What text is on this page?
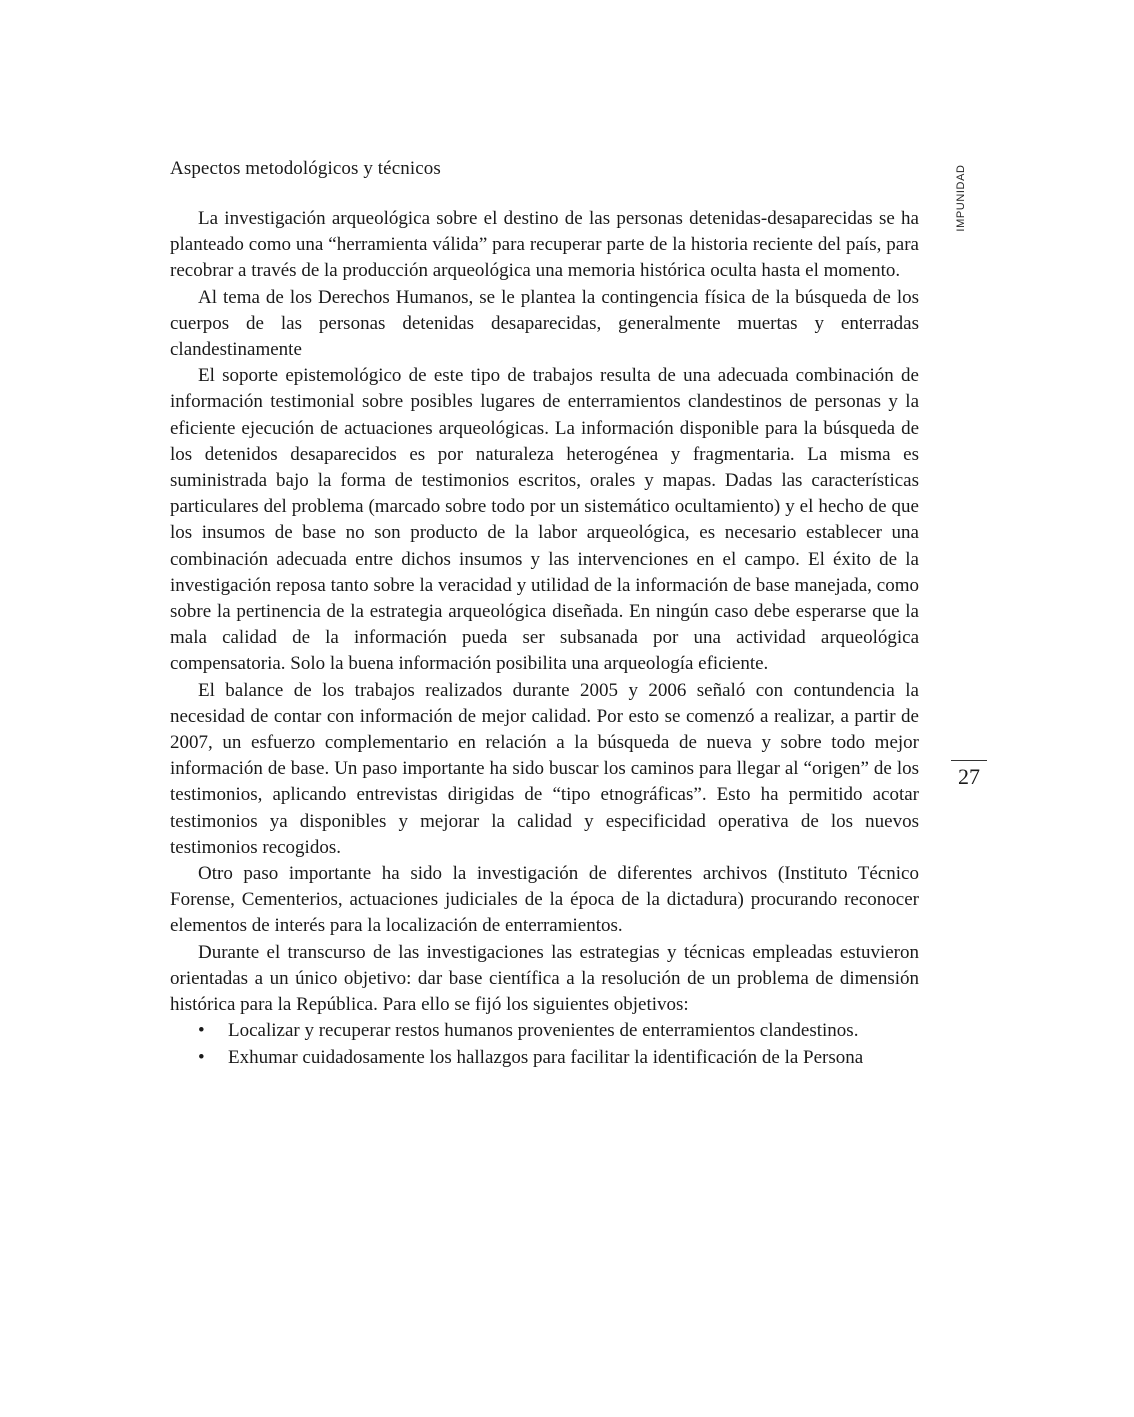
IMPUNIDAD
27
Aspectos metodológicos y técnicos

La investigación arqueológica sobre el destino de las personas detenidas-desaparecidas se ha planteado como una “herramienta válida” para recuperar parte de la historia reciente del país, para recobrar a través de la producción arqueológica una memoria histórica oculta hasta el momento.

Al tema de los Derechos Humanos, se le plantea la contingencia física de la búsqueda de los cuerpos de las personas detenidas desaparecidas, generalmente muertas y enterradas clandestinamente

El soporte epistemológico de este tipo de trabajos resulta de una adecuada combinación de información testimonial sobre posibles lugares de enterramientos clandestinos de personas y la eficiente ejecución de actuaciones arqueológicas. La información disponible para la búsqueda de los detenidos desaparecidos es por naturaleza heterogénea y fragmentaria. La misma es suministrada bajo la forma de testimonios escritos, orales y mapas. Dadas las características particulares del problema (marcado sobre todo por un sistemático ocultamiento) y el hecho de que los insumos de base no son producto de la labor arqueológica, es necesario establecer una combinación adecuada entre dichos insumos y las intervenciones en el campo. El éxito de la investigación reposa tanto sobre la veracidad y utilidad de la información de base manejada, como sobre la pertinencia de la estrategia arqueológica diseñada. En ningún caso debe esperarse que la mala calidad de la información pueda ser subsanada por una actividad arqueológica compensatoria. Solo la buena información posibilita una arqueología eficiente.

El balance de los trabajos realizados durante 2005 y 2006 señaló con contundencia la necesidad de contar con información de mejor calidad. Por esto se comenzó a realizar, a partir de 2007, un esfuerzo complementario en relación a la búsqueda de nueva y sobre todo mejor información de base. Un paso importante ha sido buscar los caminos para llegar al “origen” de los testimonios, aplicando entrevistas dirigidas de “tipo etnográficas”. Esto ha permitido acotar testimonios ya disponibles y mejorar la calidad y especificidad operativa de los nuevos testimonios recogidos.

Otro paso importante ha sido la investigación de diferentes archivos (Instituto Técnico Forense, Cementerios, actuaciones judiciales de la época de la dictadura) procurando reconocer elementos de interés para la localización de enterramientos.

Durante el transcurso de las investigaciones las estrategias y técnicas empleadas estuvieron orientadas a un único objetivo: dar base científica a la resolución de un problema de dimensión histórica para la República. Para ello se fijó los siguientes objetivos:

• Localizar y recuperar restos humanos provenientes de enterramientos clandestinos.
• Exhumar cuidadosamente los hallazgos para facilitar la identificación de la Persona
